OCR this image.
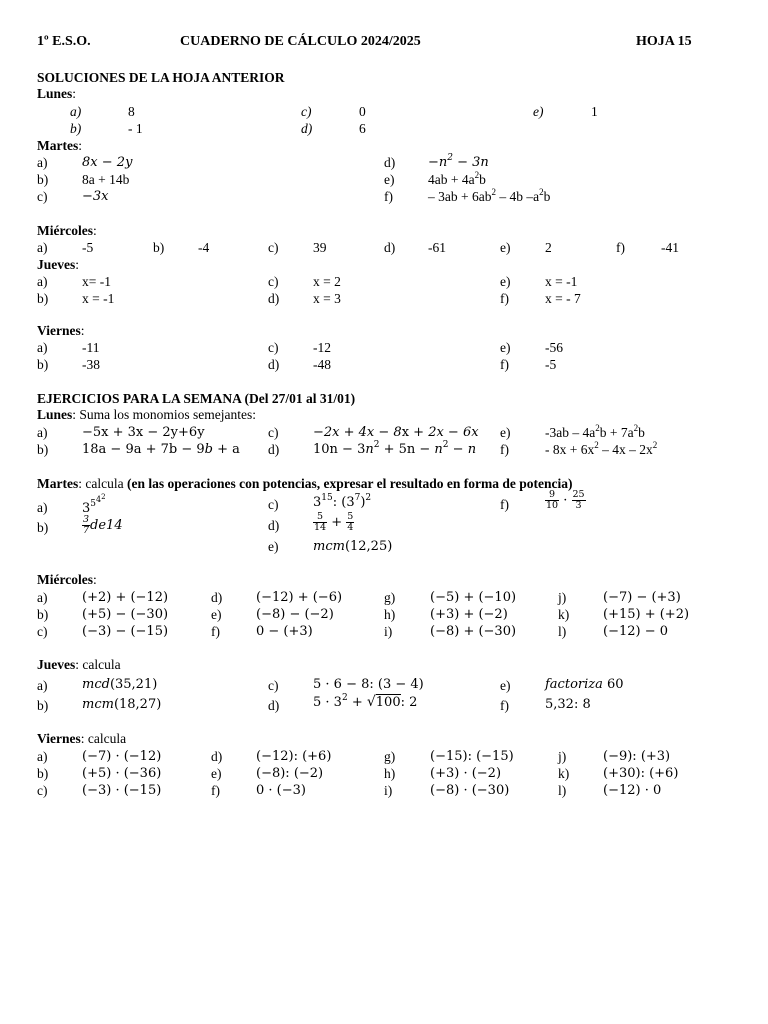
1º E.S.O.	CUADERNO DE CÁLCULO 2024/2025	HOJA 15
SOLUCIONES DE LA HOJA ANTERIOR
Lunes:
a)	8
b)	- 1
c)	0
d)	6
e)	1
Martes:
a)	8x − 2y
b)	8a + 14b
c)	−3x
d)	$-n^2 - 3n$
e) $4ab + 4a^2b$
f)	– $3ab + 6ab^2 - 4b$ $-a^2b$
Miércoles:
a)	-5	b)	-4	c)	39	d) -61	e)	2	f)	-41
Jueves:
a)	x= -1
b)	x = -1
c)	x = 2
d)	x = 3
e)	x = -1
f)	x = - 7
Viernes:
a)	-11
b)	-38
c)	-12
d)	-48
e)	-56
f)	-5
EJERCICIOS PARA LA SEMANA (Del 27/01 al 31/01)
Lunes: Suma los monomios semejantes:
a)	−5x + 3x − 2y+6y
b)	18a − 9a + 7b − 9b + a
c)	−2x + 4x − 8x + 2x − 6x
d)	$10n - 3n^2 + 5n - n^2 - n$
e)	$-3ab - 4a^2b + 7a^2b$
f)	- $8x + 6x^2 - 4x - 2x^2$
Martes: calcula (en las operaciones con potencias, expresar el resultado en forma de potencia)
a)	$3^{5^{4^2}}$
b)	$\frac{3}{7} de14$
c)	$3^{15}$: $(3^7)^2$
d)	$\frac{5}{14} + \frac{5}{4}$
e)	mcm(12,25)
f)	$\frac{9}{10} \cdot \frac{25}{3}$
Miércoles:
a)	(+2) + (−12)
b)	(+5) − (−30)
c)	(−3) − (−15)
d)	(−12) + (−6)
e)	(−8) − (−2)
f)	0 − (+3)
g)	(−5) + (−10)
h)	(+3) + (−2)
i)	(−8) + (−30)
j)	(−7) − (+3)
k)	(+15) + (+2)
l)	(−12) − 0
Jueves: calcula
a)	mcd(35,21)
b)	mcm(18,27)
c)	5 · 6 − 8: (3 − 4)
d)	$5 \cdot 3^2 + √100$: 2
e)	factoriza 60
f)	5,32: 8
Viernes: calcula
a)	(−7) · (−12)
b)	(+5) · (−36)
c)	(−3) · (−15)
d)	(−12): (+6)
e)	(−8): (−2)
f)	0 · (−3)
g)	(−15): (−15)
h)	(+3) · (−2)
i)	(−8) · (−30)
j)	(−9): (+3)
k)	(+30): (+6)
l)	(−12) · 0
